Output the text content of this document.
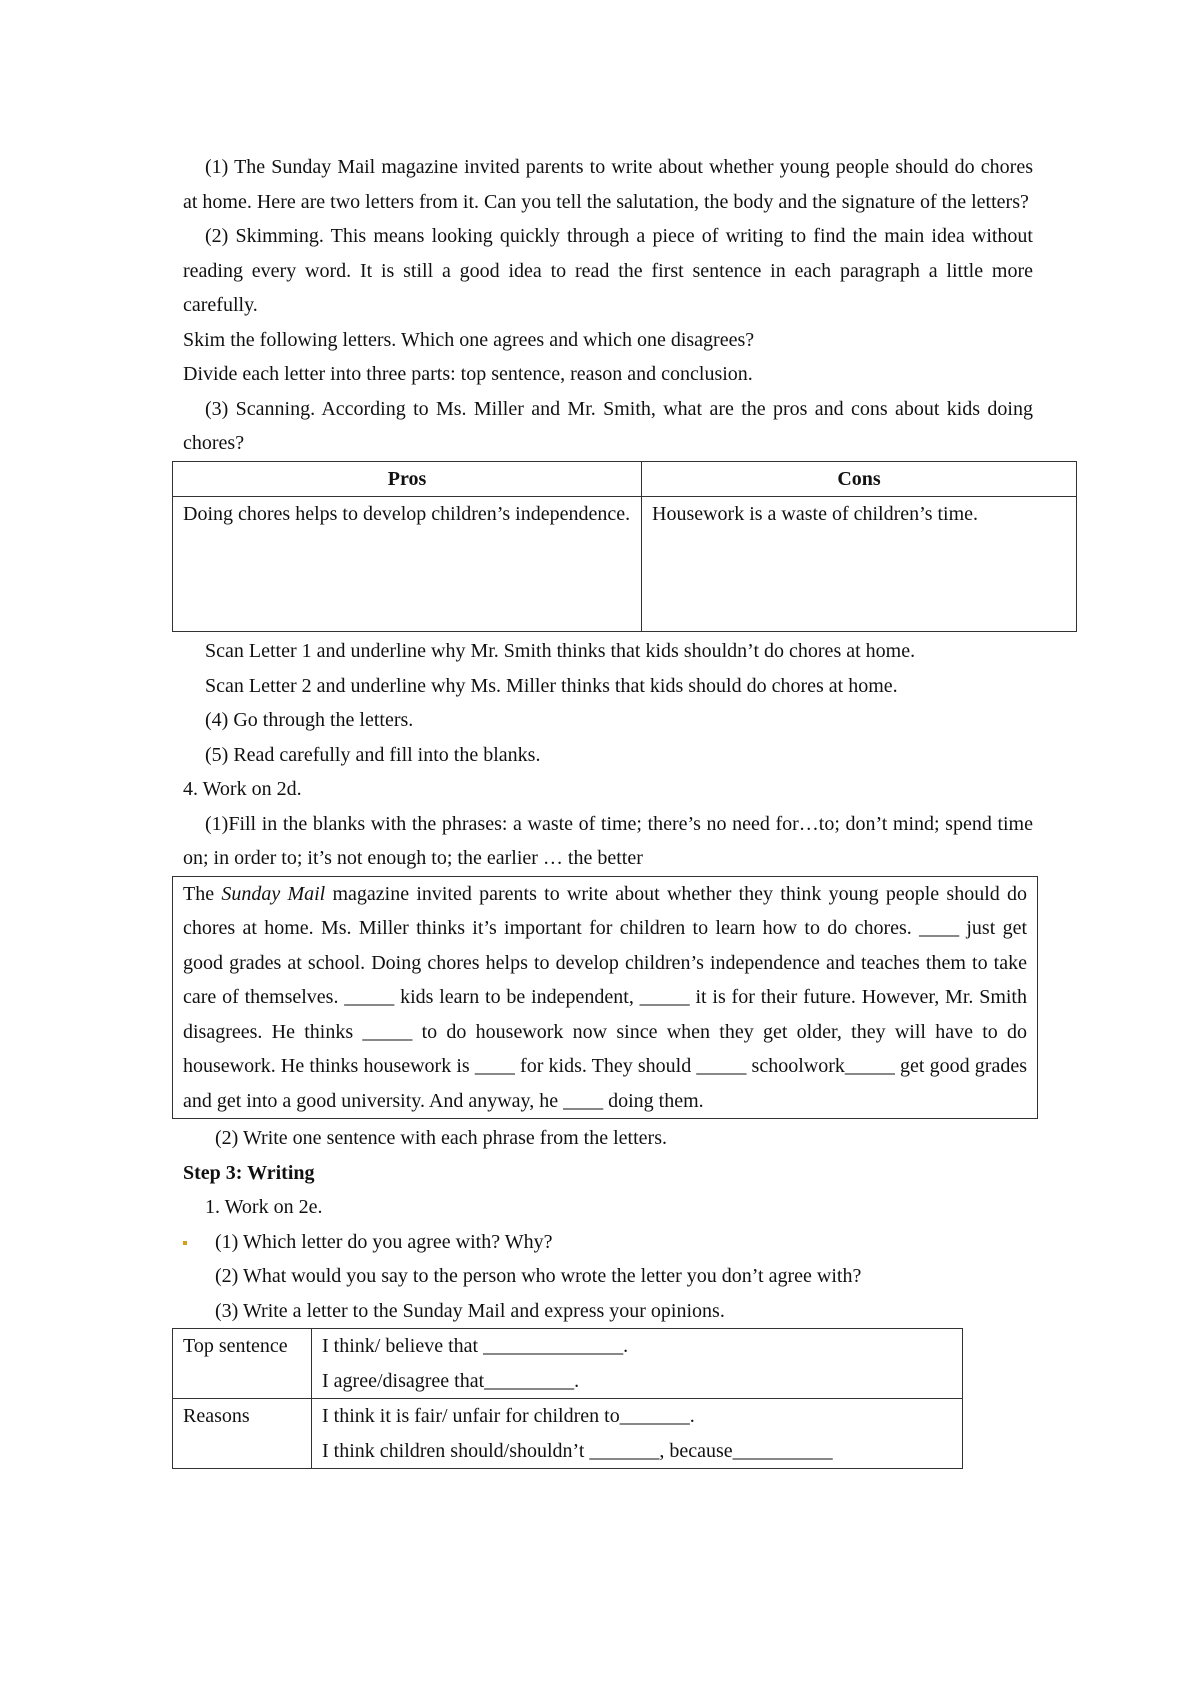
(1) The Sunday Mail magazine invited parents to write about whether young people should do chores at home. Here are two letters from it. Can you tell the salutation, the body and the signature of the letters?

(2) Skimming. This means looking quickly through a piece of writing to find the main idea without reading every word. It is still a good idea to read the first sentence in each paragraph a little more carefully.

Skim the following letters. Which one agrees and which one disagrees?

Divide each letter into three parts: top sentence, reason and conclusion.

(3) Scanning. According to Ms. Miller and Mr. Smith, what are the pros and cons about kids doing chores?

Pros	Cons
Doing chores helps to develop children’s independence.	Housework is a waste of children’s time.

Scan Letter 1 and underline why Mr. Smith thinks that kids shouldn’t do chores at home.

Scan Letter 2 and underline why Ms. Miller thinks that kids should do chores at home.

(4) Go through the letters.

(5) Read carefully and fill into the blanks.

4. Work on 2d.

(1)Fill in the blanks with the phrases: a waste of time; there’s no need for…to; don’t mind; spend time on; in order to; it’s not enough to; the earlier … the better

The Sunday Mail magazine invited parents to write about whether they think young people should do chores at home. Ms. Miller thinks it’s important for children to learn how to do chores. ____ just get good grades at school. Doing chores helps to develop children’s independence and teaches them to take care of themselves. _____ kids learn to be independent, _____ it is for their future. However, Mr. Smith disagrees. He thinks _____ to do housework now since when they get older, they will have to do housework. He thinks housework is ____ for kids. They should _____ schoolwork_____ get good grades and get into a good university. And anyway, he ____ doing them.

(2) Write one sentence with each phrase from the letters.

Step 3: Writing

1. Work on 2e.

(1) Which letter do you agree with? Why?

(2) What would you say to the person who wrote the letter you don’t agree with?

(3) Write a letter to the Sunday Mail and express your opinions.

Top sentence	I think/ believe that ______________.
I agree/disagree that_________.

Reasons	I think it is fair/ unfair for children to_______.
I think children should/shouldn’t _______, because__________
